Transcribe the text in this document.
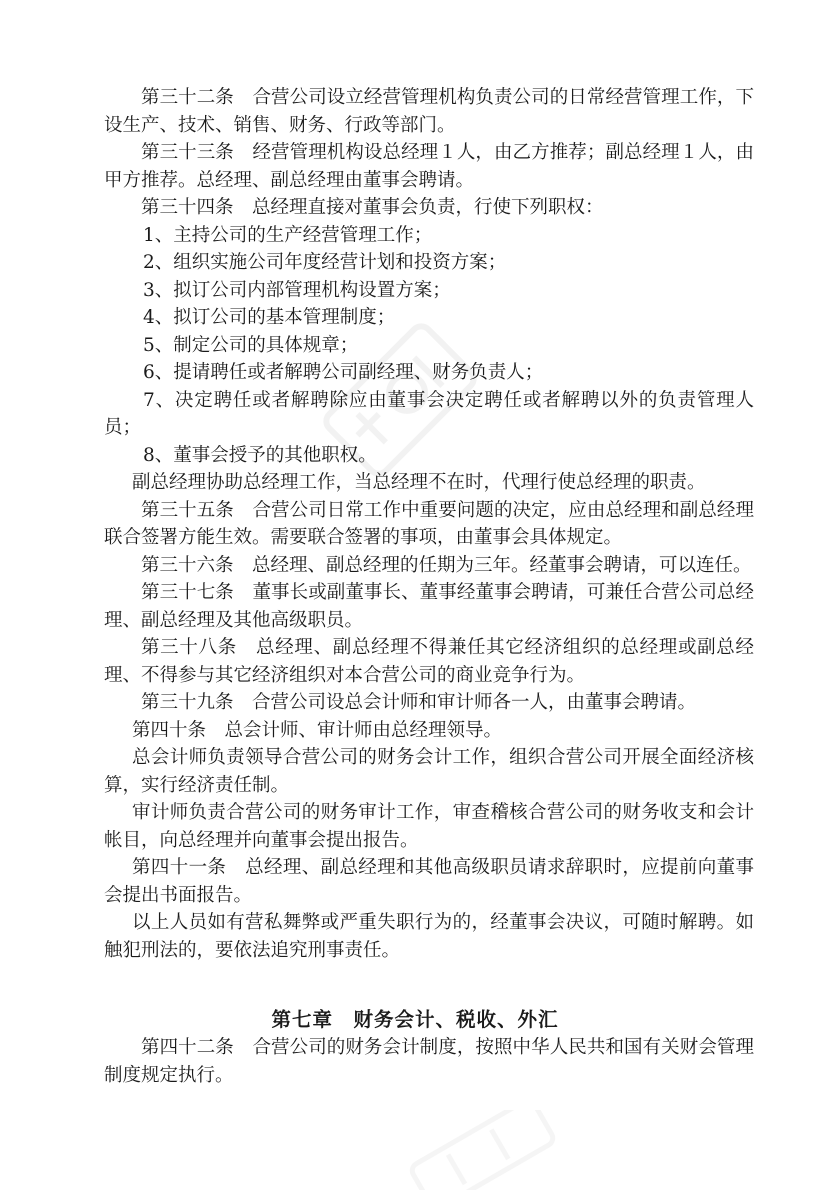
第三十二条　合营公司设立经营管理机构负责公司的日常经营管理工作，下设生产、技术、销售、财务、行政等部门。

第三十三条　经营管理机构设总经理１人，由乙方推荐；副总经理１人，由甲方推荐。总经理、副总经理由董事会聘请。

第三十四条　总经理直接对董事会负责，行使下列职权：

1、主持公司的生产经营管理工作；

2、组织实施公司年度经营计划和投资方案；

3、拟订公司内部管理机构设置方案；

4、拟订公司的基本管理制度；

5、制定公司的具体规章；

6、提请聘任或者解聘公司副经理、财务负责人；

7、决定聘任或者解聘除应由董事会决定聘任或者解聘以外的负责管理人员；

8、董事会授予的其他职权。

副总经理协助总经理工作，当总经理不在时，代理行使总经理的职责。

第三十五条　合营公司日常工作中重要问题的决定，应由总经理和副总经理联合签署方能生效。需要联合签署的事项，由董事会具体规定。

第三十六条　总经理、副总经理的任期为三年。经董事会聘请，可以连任。

第三十七条　董事长或副董事长、董事经董事会聘请，可兼任合营公司总经理、副总经理及其他高级职员。

第三十八条　总经理、副总经理不得兼任其它经济组织的总经理或副总经理、不得参与其它经济组织对本合营公司的商业竞争行为。

第三十九条　合营公司设总会计师和审计师各一人，由董事会聘请。

第四十条　总会计师、审计师由总经理领导。

总会计师负责领导合营公司的财务会计工作，组织合营公司开展全面经济核算，实行经济责任制。

审计师负责合营公司的财务审计工作，审查稽核合营公司的财务收支和会计帐目，向总经理并向董事会提出报告。

第四十一条　总经理、副总经理和其他高级职员请求辞职时，应提前向董事会提出书面报告。

以上人员如有营私舞弊或严重失职行为的，经董事会决议，可随时解聘。如触犯刑法的，要依法追究刑事责任。

第七章　财务会计、税收、外汇

第四十二条　合营公司的财务会计制度，按照中华人民共和国有关财会管理制度规定执行。
